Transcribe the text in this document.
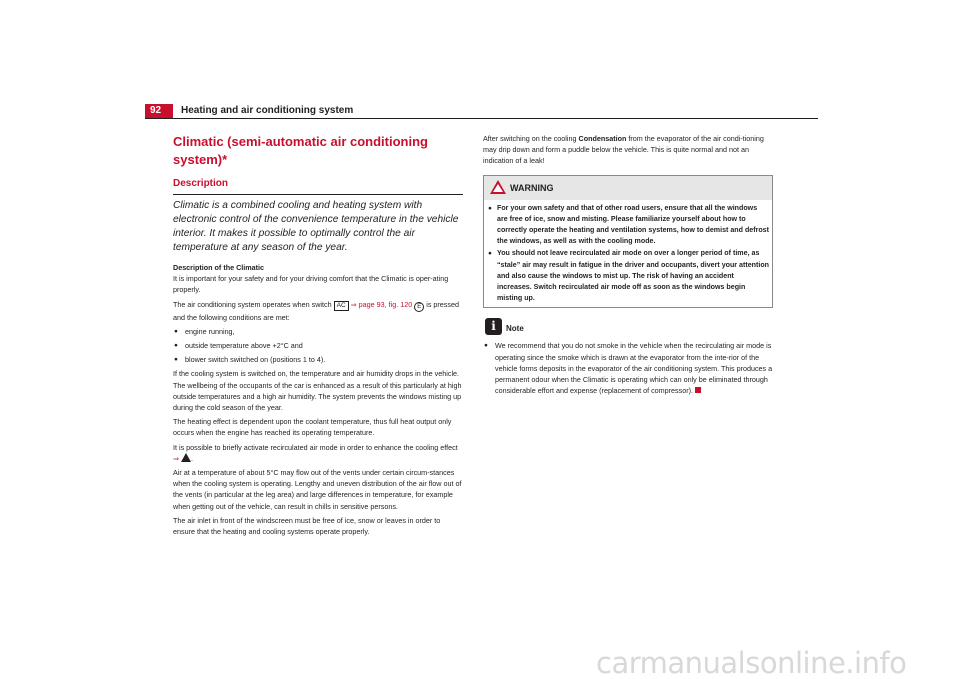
92 Heating and air conditioning system
Climatic (semi-automatic air conditioning system)*
Description
Climatic is a combined cooling and heating system with electronic control of the convenience temperature in the vehicle interior. It makes it possible to optimally control the air temperature at any season of the year.
Description of the Climatic
It is important for your safety and for your driving comfort that the Climatic is oper-ating properly.
The air conditioning system operates when switch AC ⇒ page 93, fig. 120 E is pressed and the following conditions are met:
● engine running,
● outside temperature above +2°C and
● blower switch switched on (positions 1 to 4).
If the cooling system is switched on, the temperature and air humidity drops in the vehicle. The wellbeing of the occupants of the car is enhanced as a result of this particularly at high outside temperatures and a high air humidity. The system prevents the windows misting up during the cold season of the year.
The heating effect is dependent upon the coolant temperature, thus full heat output only occurs when the engine has reached its operating temperature.
It is possible to briefly activate recirculated air mode in order to enhance the cooling effect ⇒ .
Air at a temperature of about 5°C may flow out of the vents under certain circum-stances when the cooling system is operating. Lengthy and uneven distribution of the air flow out of the vents (in particular at the leg area) and large differences in temperature, for example when getting out of the vehicle, can result in chills in sensitive persons.
The air inlet in front of the windscreen must be free of ice, snow or leaves in order to ensure that the heating and cooling systems operate properly.
After switching on the cooling Condensation from the evaporator of the air condi-tioning may drip down and form a puddle below the vehicle. This is quite normal and not an indication of a leak!
WARNING
● For your own safety and that of other road users, ensure that all the windows are free of ice, snow and misting. Please familiarize yourself about how to correctly operate the heating and ventilation systems, how to demist and defrost the windows, as well as with the cooling mode.
● You should not leave recirculated air mode on over a longer period of time, as “stale” air may result in fatigue in the driver and occupants, divert your attention and also cause the windows to mist up. The risk of having an accident increases. Switch recirculated air mode off as soon as the windows begin misting up.
i	Note
● We recommend that you do not smoke in the vehicle when the recirculating air mode is operating since the smoke which is drawn at the evaporator from the inte-rior of the vehicle forms deposits in the evaporator of the air conditioning system. This produces a permanent odour when the Climatic is operating which can only be eliminated through considerable effort and expense (replacement of compressor).
carmanualsonline.info
